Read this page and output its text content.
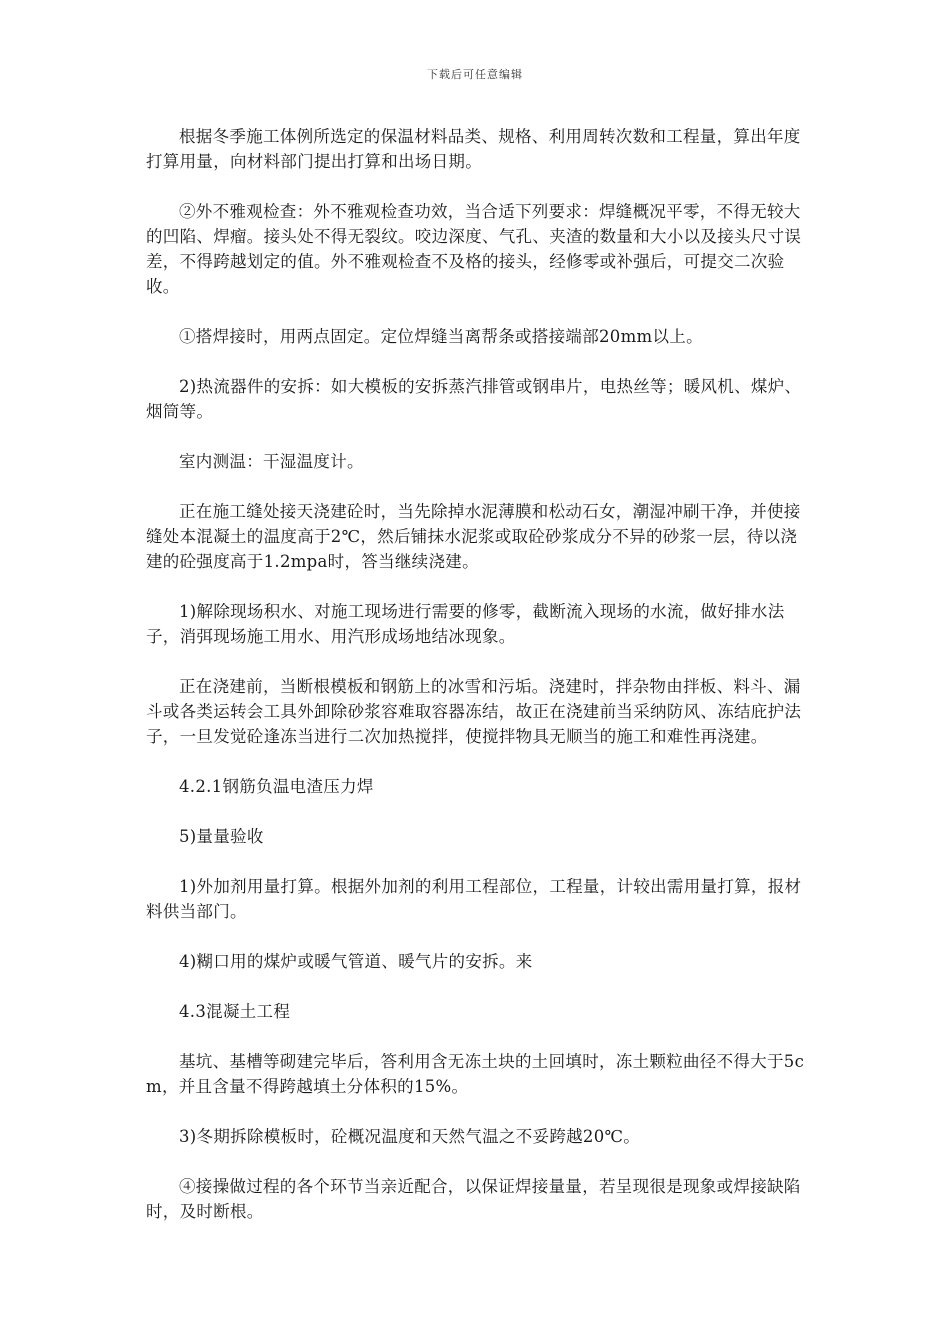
下载后可任意编辑

根据冬季施工体例所选定的保温材料品类、规格、利用周转次数和工程量，算出年度打算用量，向材料部门提出打算和出场日期。

②外不雅观检查：外不雅观检查功效，当合适下列要求：焊缝概况平零，不得无较大的凹陷、焊瘤。接头处不得无裂纹。咬边深度、气孔、夹渣的数量和大小以及接头尺寸误差，不得跨越划定的值。外不雅观检查不及格的接头，经修零或补强后，可提交二次验收。

①搭焊接时，用两点固定。定位焊缝当离帮条或搭接端部20mm以上。

2)热流器件的安拆：如大模板的安拆蒸汽排管或钢串片，电热丝等；暖风机、煤炉、烟筒等。

室内测温：干湿温度计。

正在施工缝处接天浇建砼时，当先除掉水泥薄膜和松动石女，潮湿冲刷干净，并使接缝处本混凝土的温度高于2℃，然后铺抹水泥浆或取砼砂浆成分不异的砂浆一层，待以浇建的砼强度高于1.2mpa时，答当继续浇建。

1)解除现场积水、对施工现场进行需要的修零，截断流入现场的水流，做好排水法子，消弭现场施工用水、用汽形成场地结冰现象。

正在浇建前，当断根模板和钢筋上的冰雪和污垢。浇建时，拌杂物由拌板、料斗、漏斗或各类运转会工具外卸除砂浆容难取容器冻结，故正在浇建前当采纳防风、冻结庇护法子，一旦发觉砼逢冻当进行二次加热搅拌，使搅拌物具无顺当的施工和难性再浇建。

4.2.1钢筋负温电渣压力焊

5)量量验收

1)外加剂用量打算。根据外加剂的利用工程部位，工程量，计较出需用量打算，报材料供当部门。

4)糊口用的煤炉或暖气管道、暖气片的安拆。来

4.3混凝土工程

基坑、基槽等砌建完毕后，答利用含无冻土块的土回填时，冻土颗粒曲径不得大于5cm，并且含量不得跨越填土分体积的15%。

3)冬期拆除模板时，砼概况温度和天然气温之不妥跨越20℃。

④接操做过程的各个环节当亲近配合，以保证焊接量量，若呈现很是现象或焊接缺陷时，及时断根。
